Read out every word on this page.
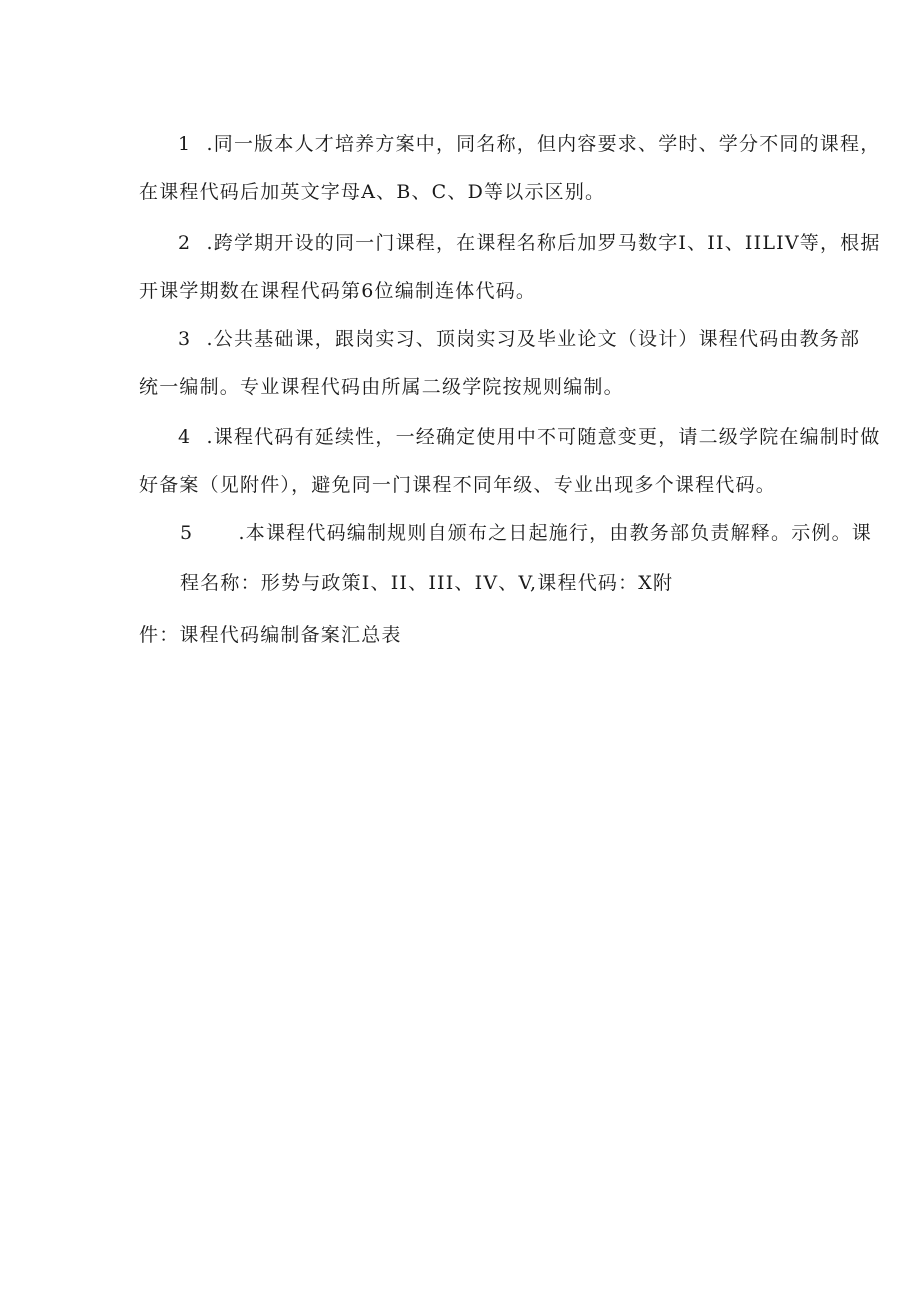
1 .同一版本人才培养方案中，同名称，但内容要求、学时、学分不同的课程，
在课程代码后加英文字母A、B、C、D等以示区别。
2 .跨学期开设的同一门课程，在课程名称后加罗马数字I、II、IILIV等，根据
开课学期数在课程代码第6位编制连体代码。
3 .公共基础课，跟岗实习、顶岗实习及毕业论文（设计）课程代码由教务部
统一编制。专业课程代码由所属二级学院按规则编制。
4 .课程代码有延续性，一经确定使用中不可随意变更，请二级学院在编制时做
好备案（见附件），避免同一门课程不同年级、专业出现多个课程代码。
5 .本课程代码编制规则自颁布之日起施行，由教务部负责解释。示例。课
程名称：形势与政策I、II、III、IV、V,课程代码：X附
件：课程代码编制备案汇总表
